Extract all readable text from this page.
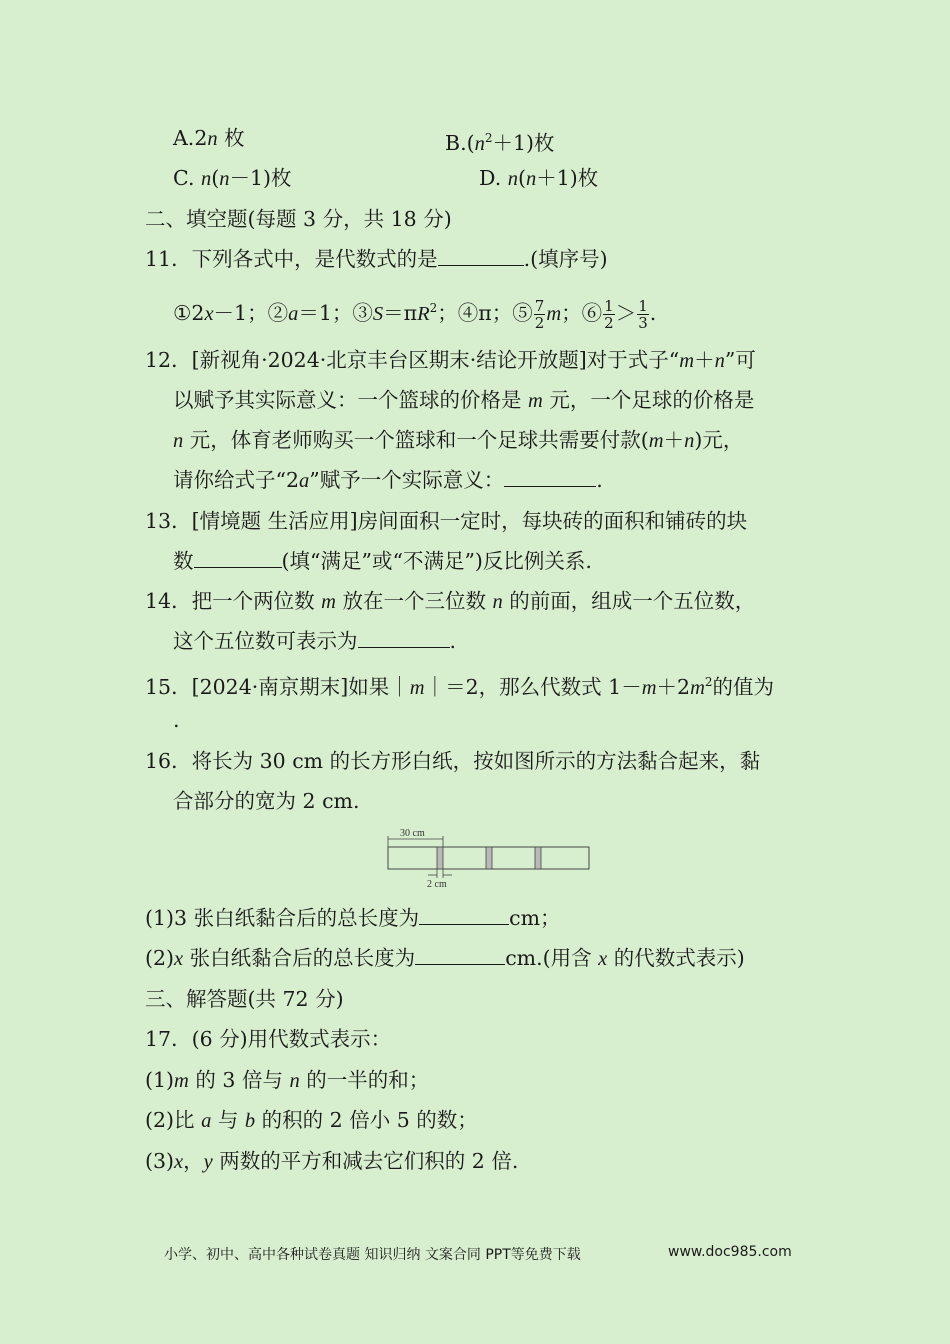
A.2n 枚	$B.(n^2+1)$枚
C. n(n－1)枚	D. n(n＋1)枚
二、填空题(每题 3 分，共 18 分)
11．下列各式中，是代数式的是	.(填序号)
①2x－1；②a＝1；$③S=\pi R^2$；④π；⑤ $\frac{7}{2}$ m；⑥ $\frac{1}{2} > \frac{1}{3}$ .
12．[新视角·2024·北京丰台区期末·结论开放题]对于式子“m＋n”可
以赋予其实际意义：一个篮球的价格是 m 元，一个足球的价格是
n 元，体育老师购买一个篮球和一个足球共需要付款(m＋n)元，
请你给式子“2a”赋予一个实际意义：	.
13．[情境题 生活应用]房间面积一定时，每块砖的面积和铺砖的块
数	(填“满足”或“不满足”)反比例关系.
14．把一个两位数 m 放在一个三位数 n 的前面，组成一个五位数，
这个五位数可表示为	.
15．[2024·南京期末]如果｜m｜＝2，那么代数式 $1-m+2m^2$的值为
.
16．将长为 30 cm 的长方形白纸，按如图所示的方法黏合起来，黏
合部分的宽为 2 cm.
30 cm
2 cm
(1)3 张白纸黏合后的总长度为	cm；
(2)x 张白纸黏合后的总长度为	cm.(用含 x 的代数式表示)
三、解答题(共 72 分)
17．(6 分)用代数式表示：
(1)m 的 3 倍与 n 的一半的和；
(2)比 a 与 b 的积的 2 倍小 5 的数；
(3)x，y 两数的平方和减去它们积的 2 倍.
小学、初中、高中各种试卷真题 知识归纳 文案合同 PPT等免费下载	www.doc985.com
